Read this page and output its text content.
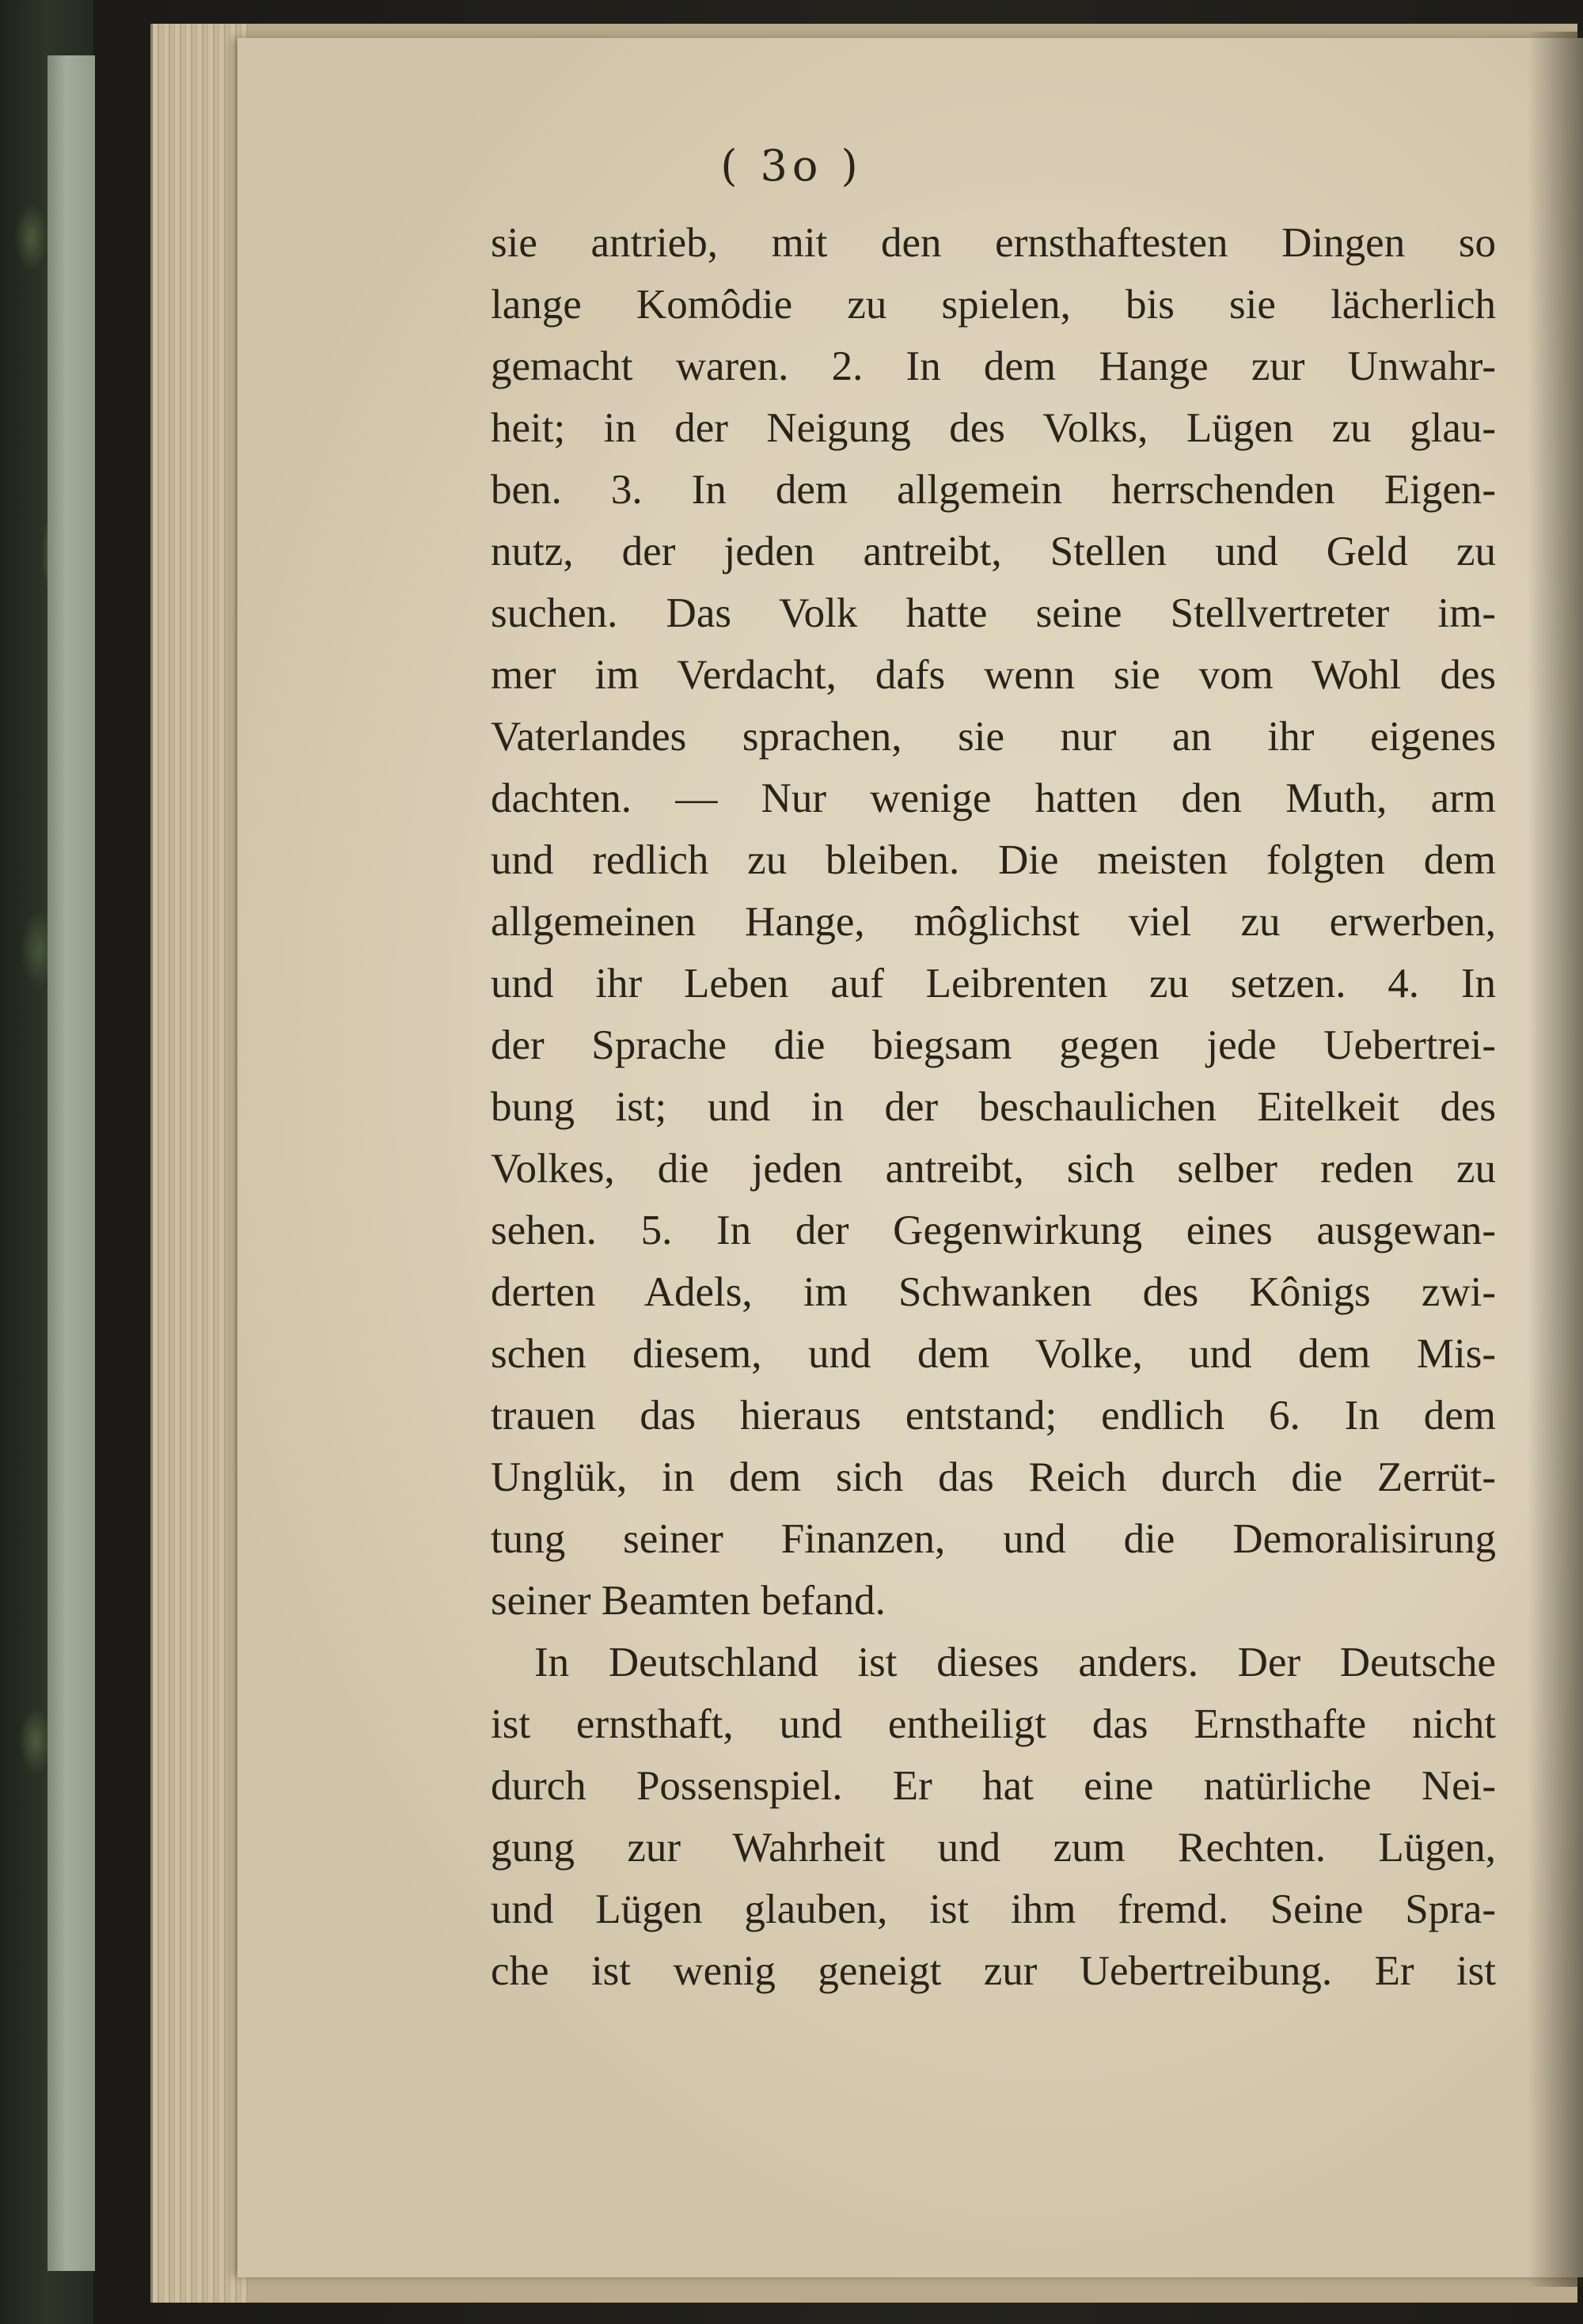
( 3o )
sie antrieb, mit den ernsthaftesten Dingen so
lange Komôdie zu spielen, bis sie lächerlich
gemacht waren. 2. In dem Hange zur Unwahr-
heit; in der Neigung des Volks, Lügen zu glau-
ben. 3. In dem allgemein herrschenden Eigen-
nutz, der jeden antreibt, Stellen und Geld zu
suchen. Das Volk hatte seine Stellvertreter im-
mer im Verdacht, dafs wenn sie vom Wohl des
Vaterlandes sprachen, sie nur an ihr eigenes
dachten. — Nur wenige hatten den Muth, arm
und redlich zu bleiben. Die meisten folgten dem
allgemeinen Hange, môglichst viel zu erwerben,
und ihr Leben auf Leibrenten zu setzen. 4. In
der Sprache die biegsam gegen jede Uebertrei-
bung ist; und in der beschaulichen Eitelkeit des
Volkes, die jeden antreibt, sich selber reden zu
sehen. 5. In der Gegenwirkung eines ausgewan-
derten Adels, im Schwanken des Kônigs zwi-
schen diesem, und dem Volke, und dem Mis-
trauen das hieraus entstand; endlich 6. In dem
Unglük, in dem sich das Reich durch die Zerrüt-
tung seiner Finanzen, und die Demoralisirung
seiner Beamten befand.
In Deutschland ist dieses anders. Der Deutsche
ist ernsthaft, und entheiligt das Ernsthafte nicht
durch Possenspiel. Er hat eine natürliche Nei-
gung zur Wahrheit und zum Rechten. Lügen,
und Lügen glauben, ist ihm fremd. Seine Spra-
che ist wenig geneigt zur Uebertreibung. Er ist
